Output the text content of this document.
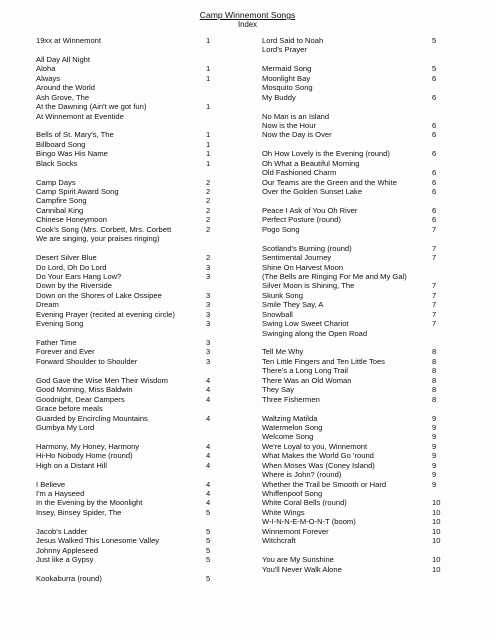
Camp Winnemont Songs
Index
19xx at Winnemont	1
All Day All Night
Aloha	1
Always	1
Around the World
Ash Grove, The
At the Dawning (Ain't we got fun)	1
At Winnemont at Eventide
Bells of St. Mary's, The	1
Billboard Song	1
Bingo Was His Name	1
Black Socks	1
Camp Days	2
Camp Spirit Award Song	2
Campfire Song	2
Cannibal King	2
Chinese Honeymoon	2
Cook's Song (Mrs. Corbett, Mrs. Corbett	2
We are singing, your praises ringing)
Desert Silver Blue	2
Do Lord, Oh Do Lord	3
Do Your Ears Hang Low?	3
Down by the Riverside
Down on the Shores of Lake Ossipee	3
Dream	3
Evening Prayer (recited at evening circle)	3
Evening Song	3
Father Time	3
Forever and Ever	3
Forward Shoulder to Shoulder	3
God Gave the Wise Men Their Wisdom	4
Good Morning, Miss Baldwin	4
Goodnight, Dear Campers	4
Grace before meals
Guarded by Encircling Mountains	4
Gumbya My Lord
Harmony, My Honey, Harmony	4
Hi-Ho Nobody Home (round)	4
High on a Distant Hill	4
I Believe	4
I'm a Hayseed	4
In the Evening by the Moonlight	4
Insey, Binsey Spider, The	5
Jacob's Ladder	5
Jesus Walked This Lonesome Valley	5
Johnny Appleseed	5
Just like a Gypsy	5
Kookaburra (round)	5
Lord Said to Noah	5
Lord's Prayer
Mermaid Song	5
Moonlight Bay	6
Mosquito Song
My Buddy	6
No Man is an Island
Now is the Hour	6
Now the Day is Over	6
Oh How Lovely is the Evening (round)	6
Oh What a Beautiful Morning
Old Fashioned Charm	6
Our Teams are the Green and the White	6
Over the Golden Sunset Lake	6
Peace I Ask of You Oh River	6
Perfect Posture (round)	6
Pogo Song	7
Scotland's Burning (round)	7
Sentimental Journey	7
Shine On Harvest Moon
(The Bells are Ringing For Me and My Gal)
Silver Moon is Shining, The	7
Skunk Song	7
Smile They Say, A	7
Snowball	7
Swing Low Sweet Chariot	7
Swinging along the Open Road
Tell Me Why	8
Ten Little Fingers and Ten Little Toes	8
There's a Long Long Trail	8
There Was an Old Woman	8
They Say	8
Three Fishermen	8
Waltzing Matilda	9
Watermelon Song	9
Welcome Song	9
We're Loyal to you, Winnemont	9
What Makes the World Go 'round	9
When Moses Was (Coney Island)	9
Where is John? (round)	9
Whether the Trail be Smooth or Hard	9
Whiffenpoof Song
White Coral Bells (round)	10
White Wings	10
W-I-N-N-E-M-O-N-T (boom)	10
Winnemont Forever	10
Witchcraft	10
You are My Sunshine	10
You'll Never Walk Alone	10
